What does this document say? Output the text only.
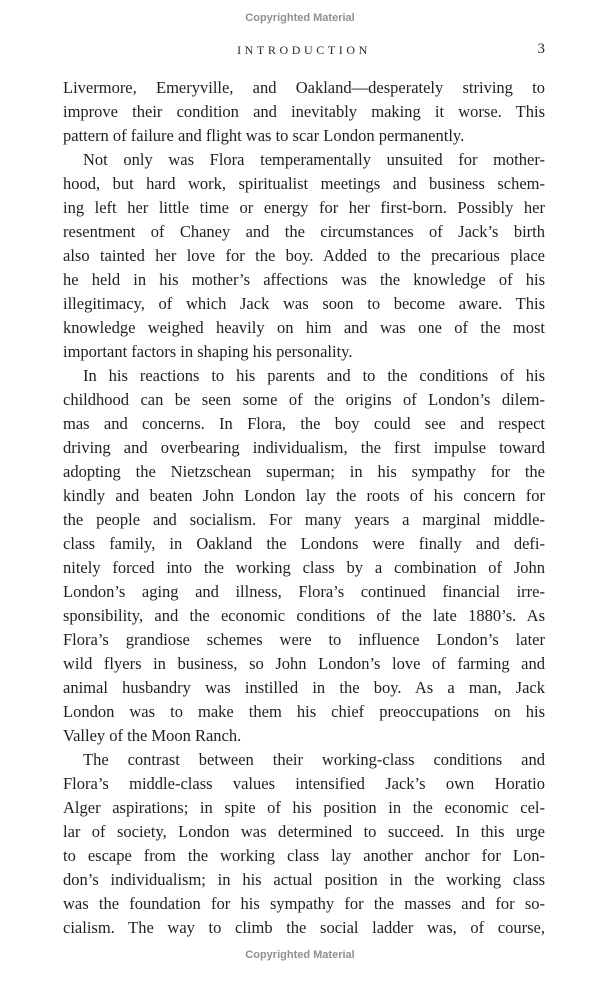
Copyrighted Material
INTRODUCTION	3
Livermore, Emeryville, and Oakland—desperately striving to
improve their condition and inevitably making it worse. This
pattern of failure and flight was to scar London permanently.
Not only was Flora temperamentally unsuited for mother-
hood, but hard work, spiritualist meetings and business schem-
ing left her little time or energy for her first-born. Possibly her
resentment of Chaney and the circumstances of Jack’s birth
also tainted her love for the boy. Added to the precarious place
he held in his mother’s affections was the knowledge of his
illegitimacy, of which Jack was soon to become aware. This
knowledge weighed heavily on him and was one of the most
important factors in shaping his personality.
In his reactions to his parents and to the conditions of his
childhood can be seen some of the origins of London’s dilem-
mas and concerns. In Flora, the boy could see and respect
driving and overbearing individualism, the first impulse toward
adopting the Nietzschean superman; in his sympathy for the
kindly and beaten John London lay the roots of his concern for
the people and socialism. For many years a marginal middle-
class family, in Oakland the Londons were finally and defi-
nitely forced into the working class by a combination of John
London’s aging and illness, Flora’s continued financial irre-
sponsibility, and the economic conditions of the late 1880’s. As
Flora’s grandiose schemes were to influence London’s later
wild flyers in business, so John London’s love of farming and
animal husbandry was instilled in the boy. As a man, Jack
London was to make them his chief preoccupations on his
Valley of the Moon Ranch.
The contrast between their working-class conditions and
Flora’s middle-class values intensified Jack’s own Horatio
Alger aspirations; in spite of his position in the economic cel-
lar of society, London was determined to succeed. In this urge
to escape from the working class lay another anchor for Lon-
don’s individualism; in his actual position in the working class
was the foundation for his sympathy for the masses and for so-
cialism. The way to climb the social ladder was, of course,
Copyrighted Material
